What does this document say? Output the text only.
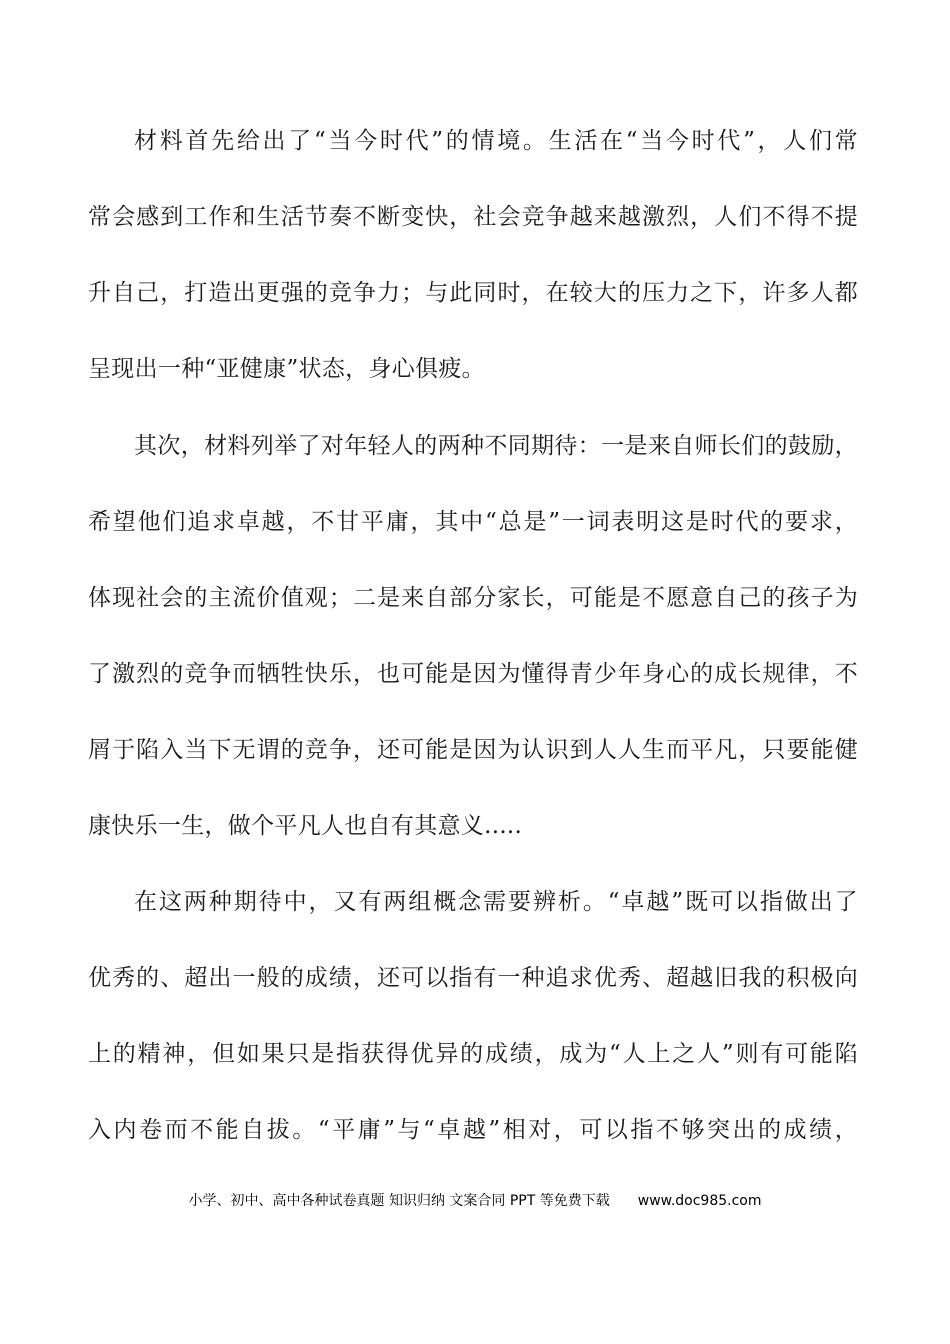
材料首先给出了“当今时代”的情境。生活在“当今时代”，人们常
常会感到工作和生活节奏不断变快，社会竞争越来越激烈，人们不得不提
升自己，打造出更强的竞争力；与此同时，在较大的压力之下，许多人都
呈现出一种“亚健康”状态，身心俱疲。
其次，材料列举了对年轻人的两种不同期待：一是来自师长们的鼓励，
希望他们追求卓越，不甘平庸，其中“总是”一词表明这是时代的要求，
体现社会的主流价值观；二是来自部分家长，可能是不愿意自己的孩子为
了激烈的竞争而牺牲快乐，也可能是因为懂得青少年身心的成长规律，不
屑于陷入当下无谓的竞争，还可能是因为认识到人人生而平凡，只要能健
康快乐一生，做个平凡人也自有其意义.....
在这两种期待中，又有两组概念需要辨析。“卓越”既可以指做出了
优秀的、超出一般的成绩，还可以指有一种追求优秀、超越旧我的积极向
上的精神，但如果只是指获得优异的成绩，成为“人上之人”则有可能陷
入内卷而不能自拔。“平庸”与“卓越”相对，可以指不够突出的成绩，
小学、初中、高中各种试卷真题 知识归纳 文案合同 PPT 等免费下载 www.doc985.com
